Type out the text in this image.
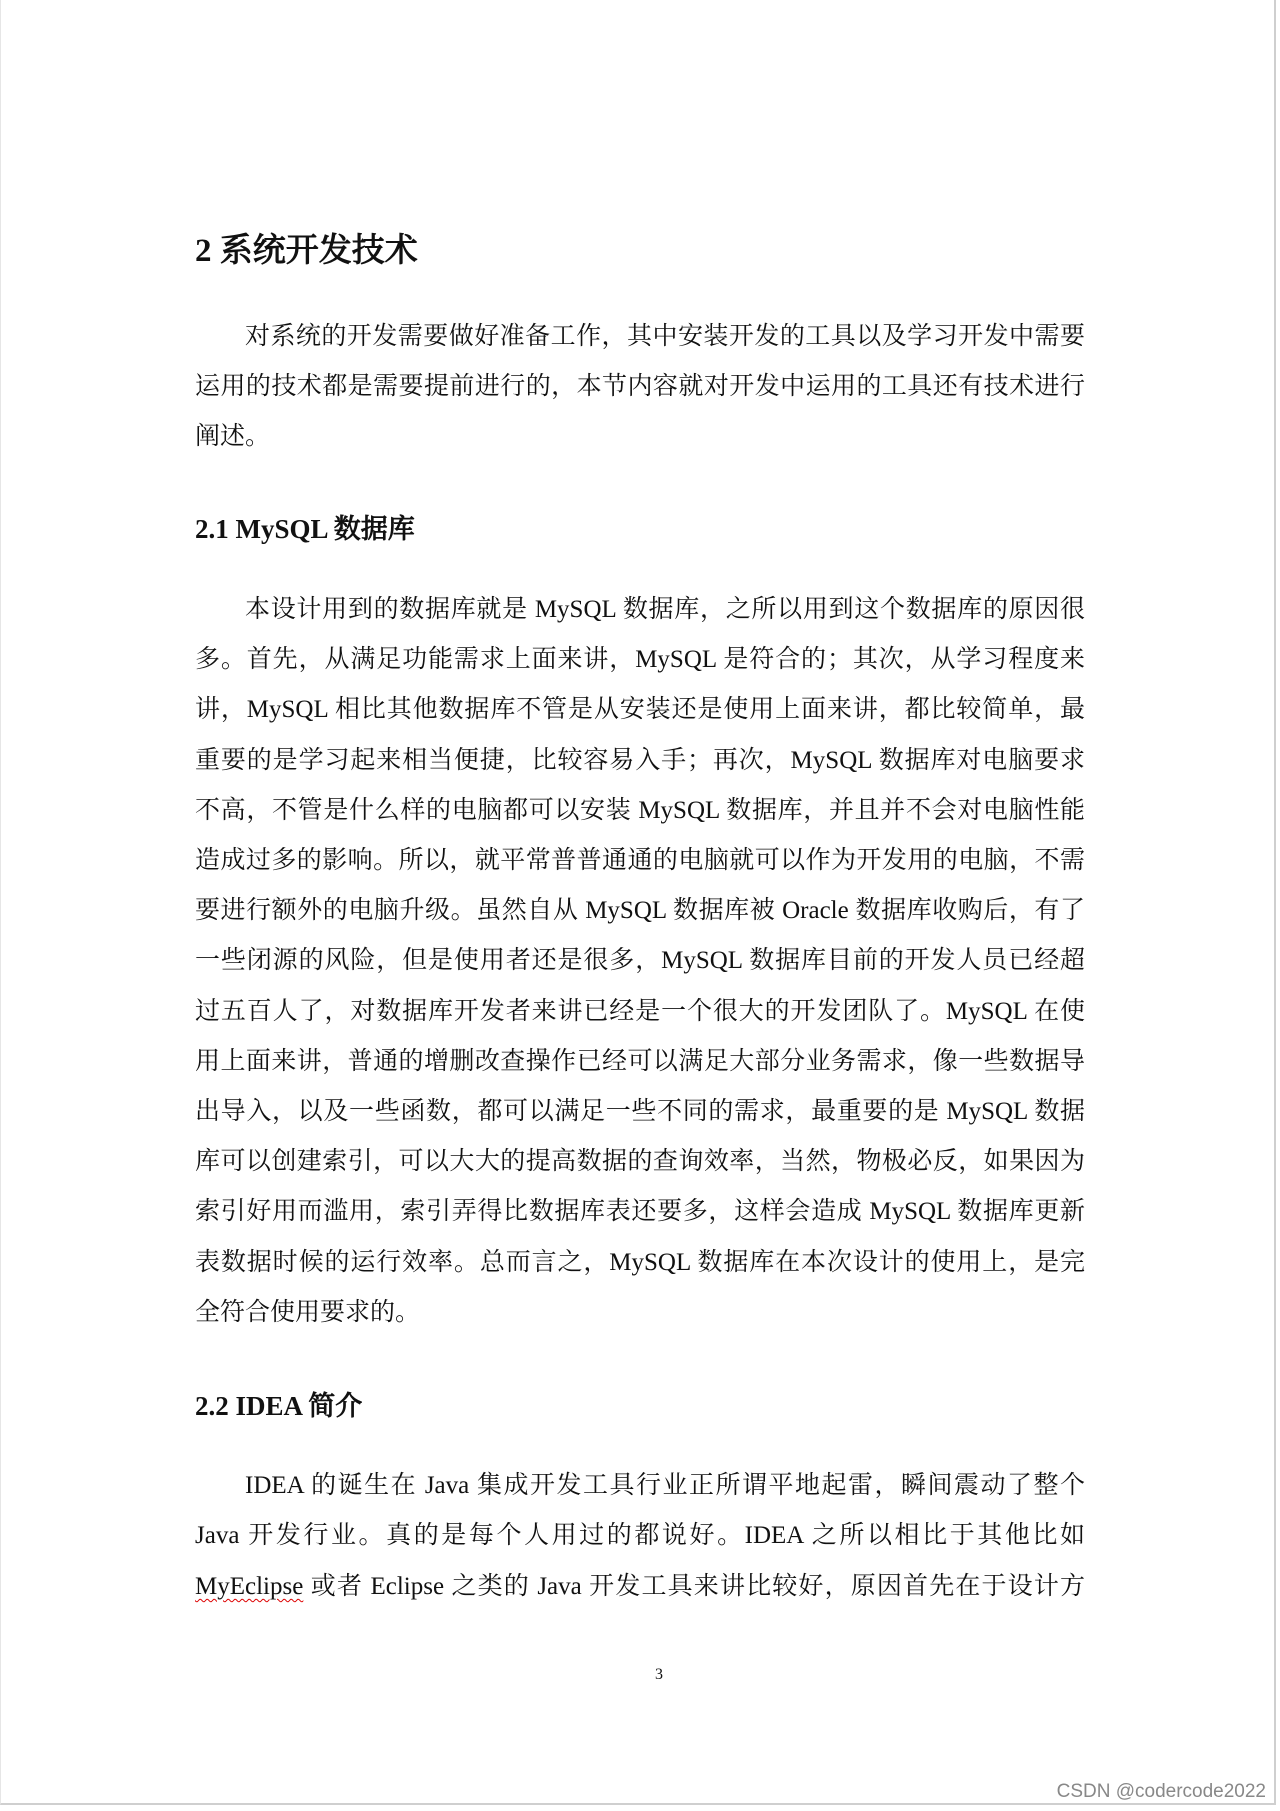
2 系统开发技术
对系统的开发需要做好准备工作，其中安装开发的工具以及学习开发中需要
运用的技术都是需要提前进行的，本节内容就对开发中运用的工具还有技术进行
阐述。
2.1 MySQL 数据库
本设计用到的数据库就是 MySQL 数据库，之所以用到这个数据库的原因很
多。首先，从满足功能需求上面来讲，MySQL 是符合的；其次，从学习程度来
讲，MySQL 相比其他数据库不管是从安装还是使用上面来讲，都比较简单，最
重要的是学习起来相当便捷，比较容易入手；再次，MySQL 数据库对电脑要求
不高，不管是什么样的电脑都可以安装 MySQL 数据库，并且并不会对电脑性能
造成过多的影响。所以，就平常普普通通的电脑就可以作为开发用的电脑，不需
要进行额外的电脑升级。虽然自从 MySQL 数据库被 Oracle 数据库收购后，有了
一些闭源的风险，但是使用者还是很多，MySQL 数据库目前的开发人员已经超
过五百人了，对数据库开发者来讲已经是一个很大的开发团队了。MySQL 在使
用上面来讲，普通的增删改查操作已经可以满足大部分业务需求，像一些数据导
出导入，以及一些函数，都可以满足一些不同的需求，最重要的是 MySQL 数据
库可以创建索引，可以大大的提高数据的查询效率，当然，物极必反，如果因为
索引好用而滥用，索引弄得比数据库表还要多，这样会造成 MySQL 数据库更新
表数据时候的运行效率。总而言之，MySQL 数据库在本次设计的使用上，是完
全符合使用要求的。
2.2 IDEA 简介
IDEA 的诞生在 Java 集成开发工具行业正所谓平地起雷，瞬间震动了整个
Java 开发行业。真的是每个人用过的都说好。IDEA 之所以相比于其他比如
MyEclipse 或者 Eclipse 之类的 Java 开发工具来讲比较好，原因首先在于设计方
3
CSDN @codercode2022
